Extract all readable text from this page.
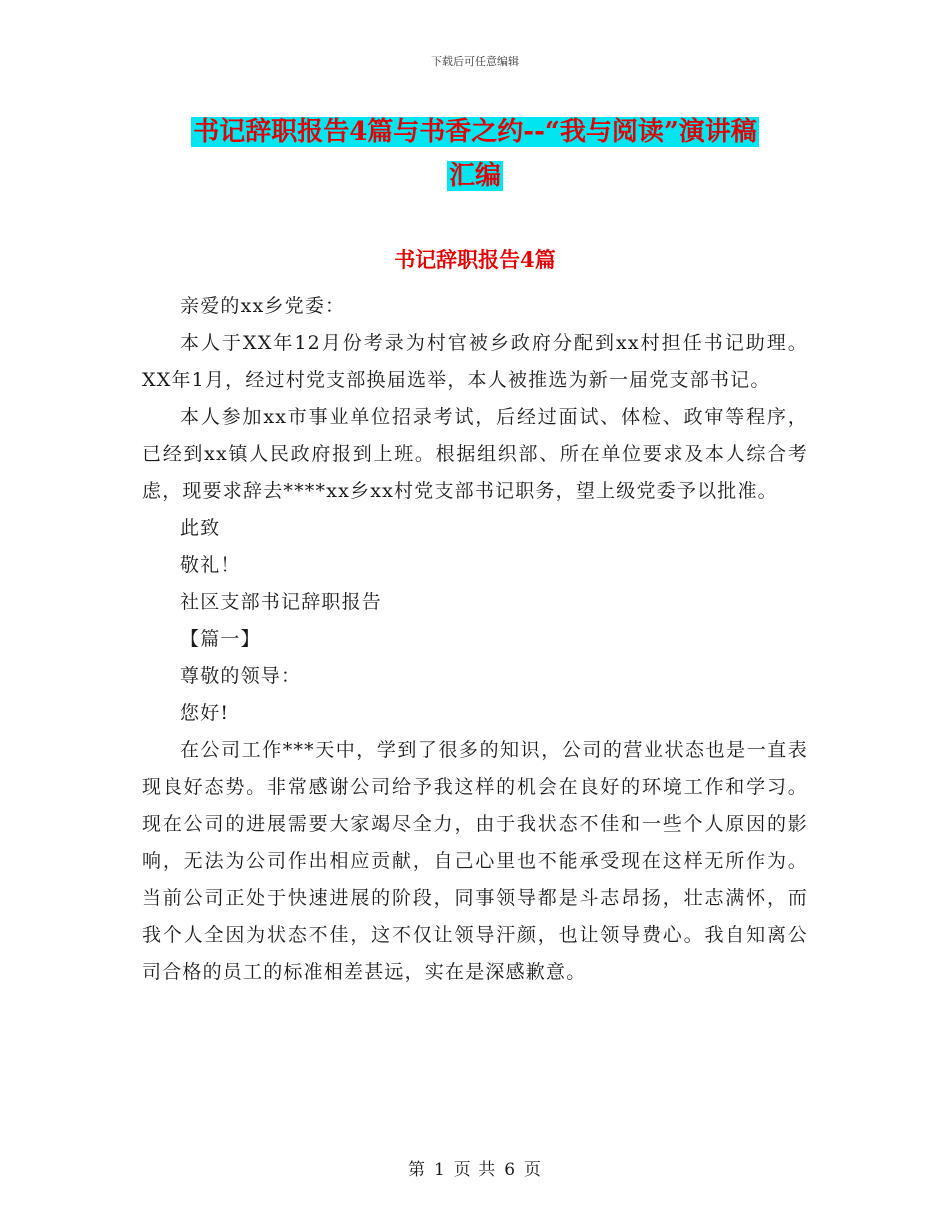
下载后可任意编辑
书记辞职报告4篇与书香之约--“我与阅读”演讲稿
汇编
书记辞职报告4篇

亲爱的xx乡党委：

本人于XX年12月份考录为村官被乡政府分配到xx村担任书记助理。XX年1月，经过村党支部换届选举，本人被推选为新一届党支部书记。

本人参加xx市事业单位招录考试，后经过面试、体检、政审等程序，已经到xx镇人民政府报到上班。根据组织部、所在单位要求及本人综合考虑，现要求辞去****xx乡xx村党支部书记职务，望上级党委予以批准。

此致

敬礼！

社区支部书记辞职报告

【篇一】

尊敬的领导：

您好!

在公司工作***天中，学到了很多的知识，公司的营业状态也是一直表现良好态势。非常感谢公司给予我这样的机会在良好的环境工作和学习。现在公司的进展需要大家竭尽全力，由于我状态不佳和一些个人原因的影响，无法为公司作出相应贡献，自己心里也不能承受现在这样无所作为。当前公司正处于快速进展的阶段，同事领导都是斗志昂扬，壮志满怀，而我个人全因为状态不佳，这不仅让领导汗颜，也让领导费心。我自知离公司合格的员工的标准相差甚远，实在是深感歉意。

第 1 页 共 6 页
